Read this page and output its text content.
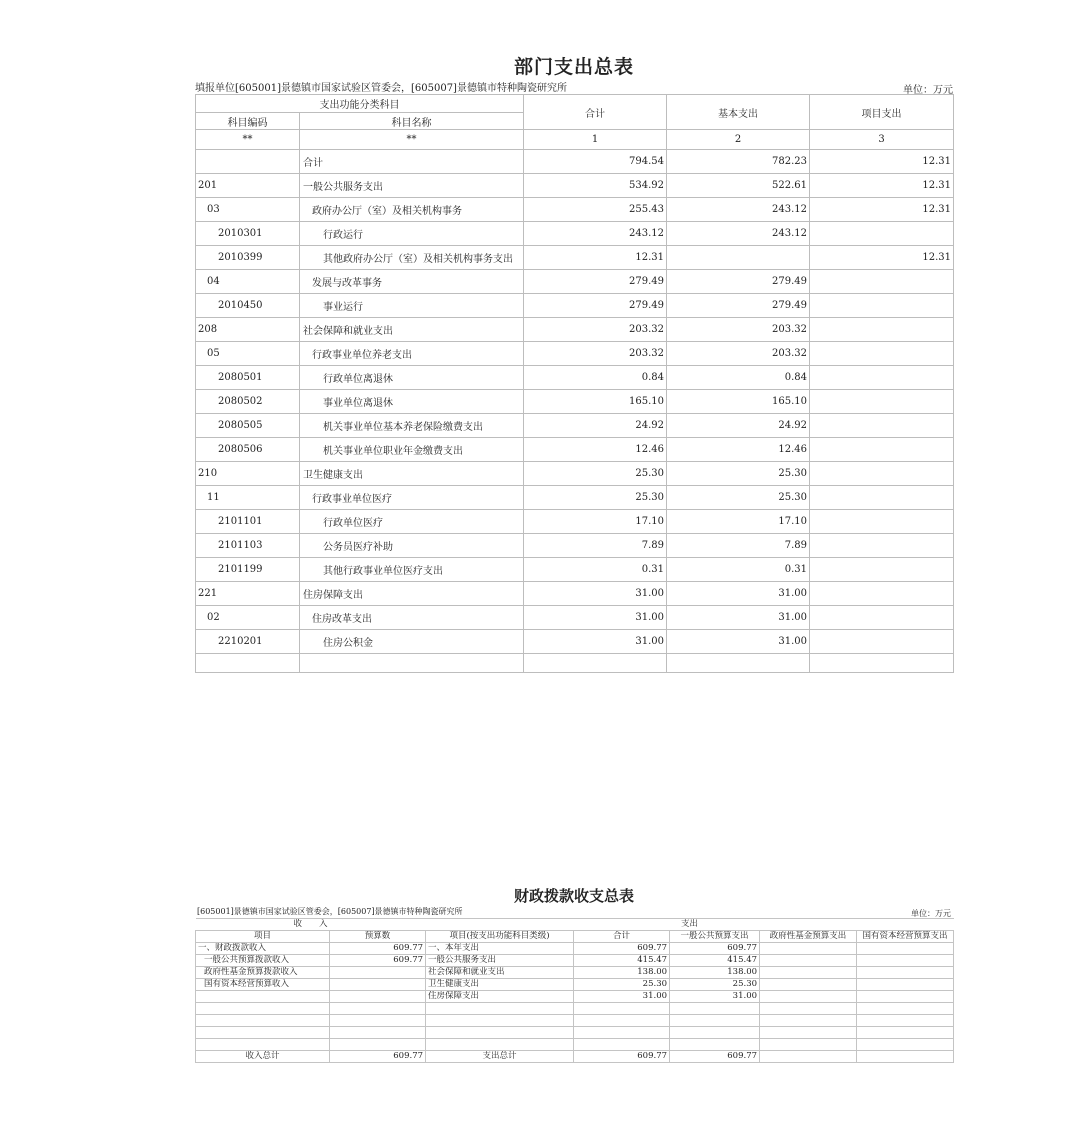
部门支出总表
填报单位[605001]景德镇市国家试验区管委会，[605007]景德镇市特种陶瓷研究所	单位：万元
支出功能分类科目		合计	基本支出	项目支出
科目编码	科目名称			
**	**	1	2	3
	合计	794.54	782.23	12.31
201	一般公共服务支出	534.92	522.61	12.31
03	政府办公厅（室）及相关机构事务	255.43	243.12	12.31
2010301	行政运行	243.12	243.12	
2010399	其他政府办公厅（室）及相关机构事务支出	12.31		12.31
04	发展与改革事务	279.49	279.49	
2010450	事业运行	279.49	279.49	
208	社会保障和就业支出	203.32	203.32	
05	行政事业单位养老支出	203.32	203.32	
2080501	行政单位离退休	0.84	0.84	
2080502	事业单位离退休	165.10	165.10	
2080505	机关事业单位基本养老保险缴费支出	24.92	24.92	
2080506	机关事业单位职业年金缴费支出	12.46	12.46	
210	卫生健康支出	25.30	25.30	
11	行政事业单位医疗	25.30	25.30	
2101101	行政单位医疗	17.10	17.10	
2101103	公务员医疗补助	7.89	7.89	
2101199	其他行政事业单位医疗支出	0.31	0.31	
221	住房保障支出	31.00	31.00	
02	住房改革支出	31.00	31.00	
2210201	住房公积金	31.00	31.00	

财政拨款收支总表
[605001]景德镇市国家试验区管委会，[605007]景德镇市特种陶瓷研究所	单位：万元
收　　入		支出				
项目	预算数	项目(按支出功能科目类级)	合计	一般公共预算支出	政府性基金预算支出	国有资本经营预算支出
一、财政拨款收入	609.77	一、本年支出	609.77	609.77		
一般公共预算拨款收入	609.77	一般公共服务支出	415.47	415.47		
政府性基金预算拨款收入		社会保障和就业支出	138.00	138.00		
国有资本经营预算收入		卫生健康支出	25.30	25.30		
		住房保障支出	31.00	31.00		

收入总计	609.77	支出总计	609.77	609.77		
